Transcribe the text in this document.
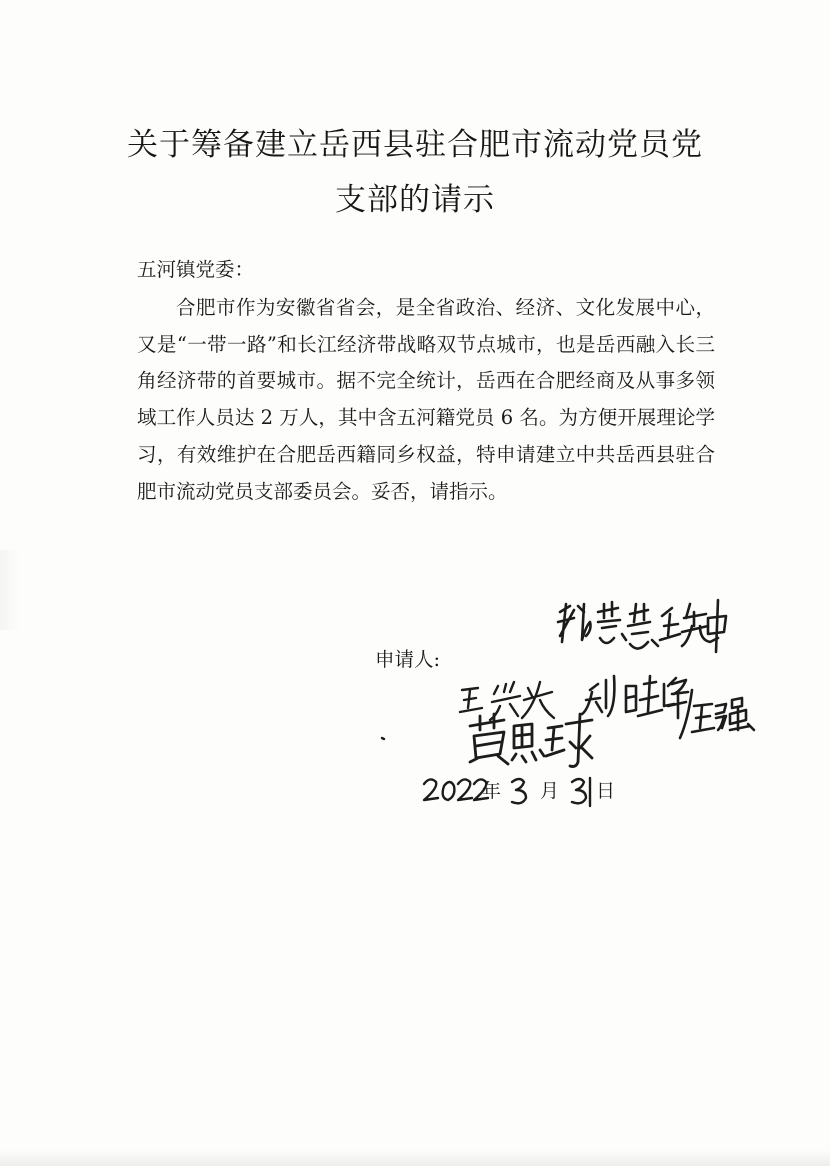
关于筹备建立岳西县驻合肥市流动党员党
支部的请示
五河镇党委：
合肥市作为安徽省省会，是全省政治、经济、文化发展中心，又是“一带一路”和长江经济带战略双节点城市，也是岳西融入长三角经济带的首要城市。据不完全统计，岳西在合肥经商及从事多领域工作人员达 2 万人，其中含五河籍党员 6 名。为方便开展理论学习，有效维护在合肥岳西籍同乡权益，特申请建立中共岳西县驻合肥市流动党员支部委员会。妥否，请指示。
申请人:
年 月 日
